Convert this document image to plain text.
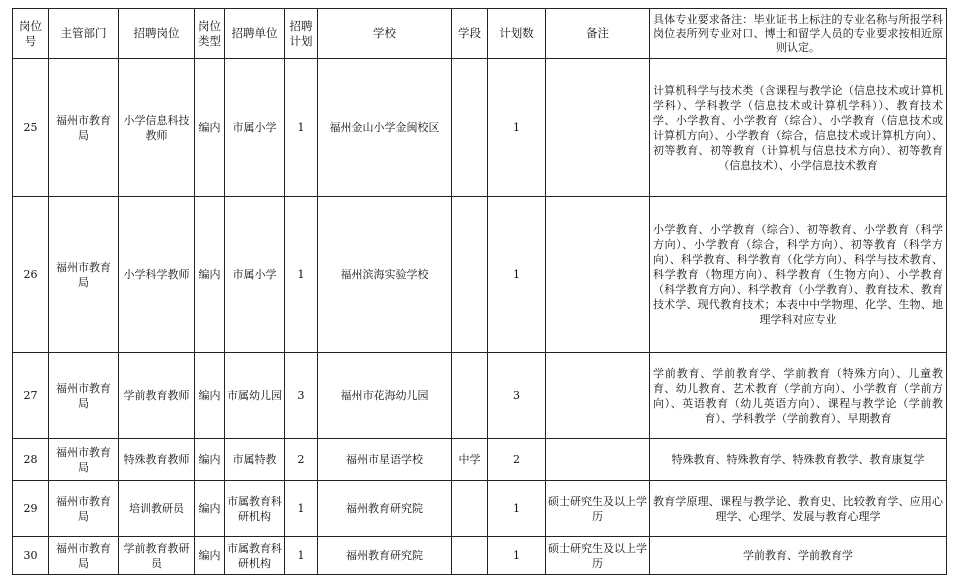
岗位号	主管部门	招聘岗位	岗位类型	招聘单位	招聘计划	学校	学段	计划数	备注	具体专业要求备注：毕业证书上标注的专业名称与所报学科岗位表所列专业对口、博士和留学人员的专业要求按相近原则认定。
25	福州市教育局	小学信息科技教师	编内	市属小学	1	福州金山小学金闽校区		1		计算机科学与技术类（含课程与教学论（信息技术或计算机学科）、学科教学（信息技术或计算机学科））、教育技术学、小学教育、小学教育（综合）、小学教育（信息技术或计算机方向）、小学教育（综合，信息技术或计算机方向）、初等教育、初等教育（计算机与信息技术方向）、初等教育（信息技术）、小学信息技术教育
26	福州市教育局	小学科学教师	编内	市属小学	1	福州滨海实验学校		1		小学教育、小学教育（综合）、初等教育、小学教育（科学方向）、小学教育（综合，科学方向）、初等教育（科学方向）、科学教育、科学教育（化学方向）、科学与技术教育、科学教育（物理方向）、科学教育（生物方向）、小学教育（科学教育方向）、科学教育（小学教育）、教育技术、教育技术学、现代教育技术；本表中中学物理、化学、生物、地理学科对应专业
27	福州市教育局	学前教育教师	编内	市属幼儿园	3	福州市花海幼儿园		3		学前教育、学前教育学、学前教育（特殊方向）、儿童教育、幼儿教育、艺术教育（学前方向）、小学教育（学前方向）、英语教育（幼儿英语方向）、课程与教学论（学前教育）、学科教学（学前教育）、早期教育
28	福州市教育局	特殊教育教师	编内	市属特教	2	福州市星语学校	中学	2		特殊教育、特殊教育学、特殊教育教学、教育康复学
29	福州市教育局	培训教研员	编内	市属教育科研机构	1	福州教育研究院		1	硕士研究生及以上学历	教育学原理、课程与教学论、教育史、比较教育学、应用心理学、心理学、发展与教育心理学
30	福州市教育局	学前教育教研员	编内	市属教育科研机构	1	福州教育研究院		1	硕士研究生及以上学历	学前教育、学前教育学
